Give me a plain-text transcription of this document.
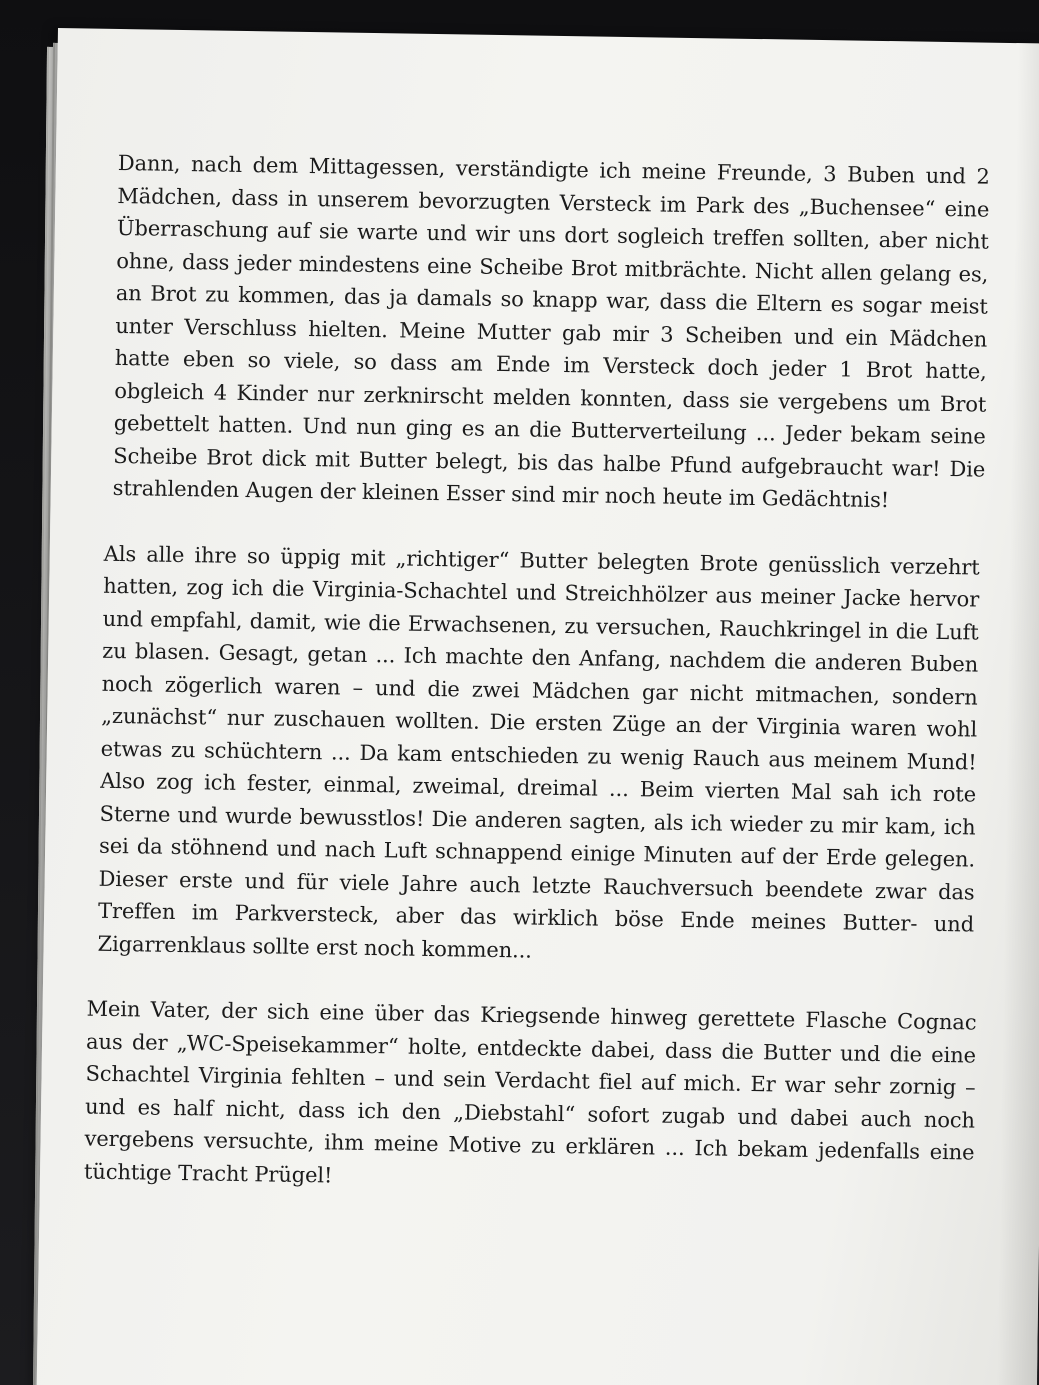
Dann, nach dem Mittagessen, verständigte ich meine Freunde, 3 Buben und 2 Mädchen, dass in unserem bevorzugten Versteck im Park des „Buchensee“ eine Überraschung auf sie warte und wir uns dort sogleich treffen sollten, aber nicht ohne, dass jeder mindestens eine Scheibe Brot mitbrächte. Nicht allen gelang es, an Brot zu kommen, das ja damals so knapp war, dass die Eltern es sogar meist unter Verschluss hielten. Meine Mutter gab mir 3 Scheiben und ein Mädchen hatte eben so viele, so dass am Ende im Versteck doch jeder 1 Brot hatte, obgleich 4 Kinder nur zerknirscht melden konnten, dass sie vergebens um Brot gebettelt hatten. Und nun ging es an die Butterverteilung ... Jeder bekam seine Scheibe Brot dick mit Butter belegt, bis das halbe Pfund aufgebraucht war! Die strahlenden Augen der kleinen Esser sind mir noch heute im Gedächtnis!

Als alle ihre so üppig mit „richtiger“ Butter belegten Brote genüsslich verzehrt hatten, zog ich die Virginia-Schachtel und Streichhölzer aus meiner Jacke hervor und empfahl, damit, wie die Erwachsenen, zu versuchen, Rauchkringel in die Luft zu blasen. Gesagt, getan ... Ich machte den Anfang, nachdem die anderen Buben noch zögerlich waren – und die zwei Mädchen gar nicht mitmachen, sondern „zunächst“ nur zuschauen wollten. Die ersten Züge an der Virginia waren wohl etwas zu schüchtern ... Da kam entschieden zu wenig Rauch aus meinem Mund! Also zog ich fester, einmal, zweimal, dreimal ... Beim vierten Mal sah ich rote Sterne und wurde bewusstlos! Die anderen sagten, als ich wieder zu mir kam, ich sei da stöhnend und nach Luft schnappend einige Minuten auf der Erde gelegen. Dieser erste und für viele Jahre auch letzte Rauchversuch beendete zwar das Treffen im Parkversteck, aber das wirklich böse Ende meines Butter- und Zigarrenklaus sollte erst noch kommen...

Mein Vater, der sich eine über das Kriegsende hinweg gerettete Flasche Cognac aus der „WC-Speisekammer“ holte, entdeckte dabei, dass die Butter und die eine Schachtel Virginia fehlten – und sein Verdacht fiel auf mich. Er war sehr zornig – und es half nicht, dass ich den „Diebstahl“ sofort zugab und dabei auch noch vergebens versuchte, ihm meine Motive zu erklären ... Ich bekam jedenfalls eine tüchtige Tracht Prügel!
